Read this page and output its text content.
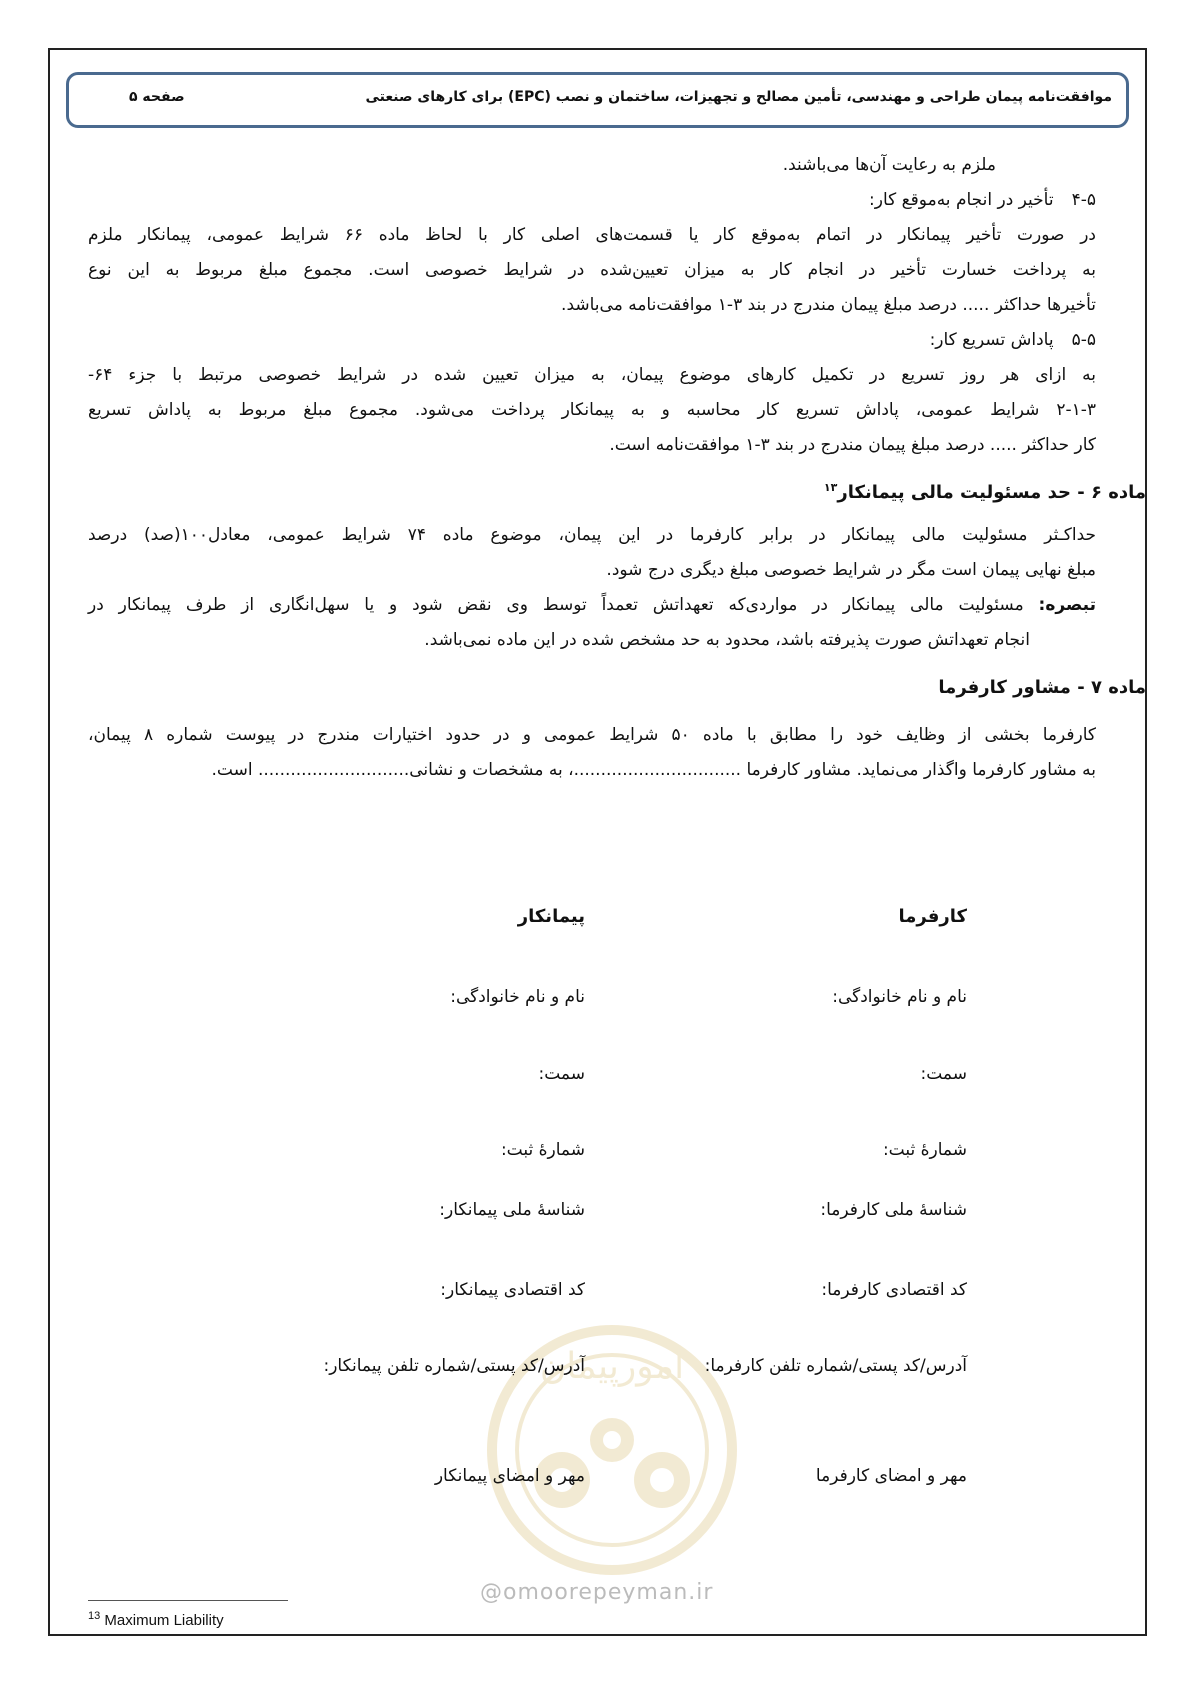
موافقت‌نامه پیمان طراحی و مهندسی، تأمین مصالح و تجهیزات، ساختمان و نصب (EPC) برای کارهای صنعتی
صفحه ۵
ملزم به رعایت آن‌ها می‌باشند.
۴-۵تأخیر در انجام به‌موقع کار:
در صورت تأخیر پیمانکار در اتمام به‌موقع کار یا قسمت‌های اصلی کار با لحاظ ماده ۶۶ شرایط عمومی، پیمانکار ملزم
به پرداخت خسارت تأخیر در انجام کار به میزان تعیین‌شده در شرایط خصوصی است. مجموع مبلغ مربوط به این نوع
تأخیرها حداکثر ..... درصد مبلغ پیمان مندرج در بند ۳-۱ موافقت‌نامه می‌باشد.
۵-۵پاداش تسریع کار:
به ازای هر روز تسریع در تکمیل کارهای موضوع پیمان، به میزان تعیین شده در شرایط خصوصی مرتبط با جزء ۶۴-
۲-۱-۳ شرایط عمومی، پاداش تسریع کار محاسبه و به پیمانکار پرداخت می‌شود. مجموع مبلغ مربوط به پاداش تسریع
کار حداکثر ..... درصد مبلغ پیمان مندرج در بند ۳-۱ موافقت‌نامه است.
ماده ۶ - حد مسئولیت مالی پیمانکار$^{۱۳}$
حداکـثر مسئولیت مالی پیمانکار در برابر کارفرما در این پیمان، موضوع ماده ۷۴ شرایط عمومی، معادل۱۰۰(صد) درصد
مبلغ نهایی پیمان است مگر در شرایط خصوصی مبلغ دیگری درج شود.
تبصره: مسئولیت مالی پیمانکار در مواردی‌که تعهداتش تعمداً توسط وی نقض شود و یا سهل‌انگاری از طرف پیمانکار در
انجام تعهداتش صورت پذیرفته باشد، محدود به حد مشخص شده در این ماده نمی‌باشد.
ماده ۷ - مشاور کارفرما
کارفرما بخشی از وظایف خود را مطابق با ماده ۵۰ شرایط عمومی و در حدود اختیارات مندرج در پیوست شماره ۸ پیمان،
به مشاور کارفرما واگذار می‌نماید. مشاور کارفرما ...............................، به مشخصات و نشانی............................ است.
امورپیمان
@omoorepeyman.ir
کارفرما
پیمانکار
نام و نام خانوادگی:
نام و نام خانوادگی:
سمت:
سمت:
شمارهٔ ثبت:
شمارهٔ ثبت:
شناسهٔ ملی کارفرما:
شناسهٔ ملی پیمانکار:
کد اقتصادی کارفرما:
کد اقتصادی پیمانکار:
آدرس/کد پستی/شماره تلفن کارفرما:
آدرس/کد پستی/شماره تلفن پیمانکار:
مهر و امضای کارفرما
مهر و امضای پیمانکار
$^{13}$ Maximum Liability
